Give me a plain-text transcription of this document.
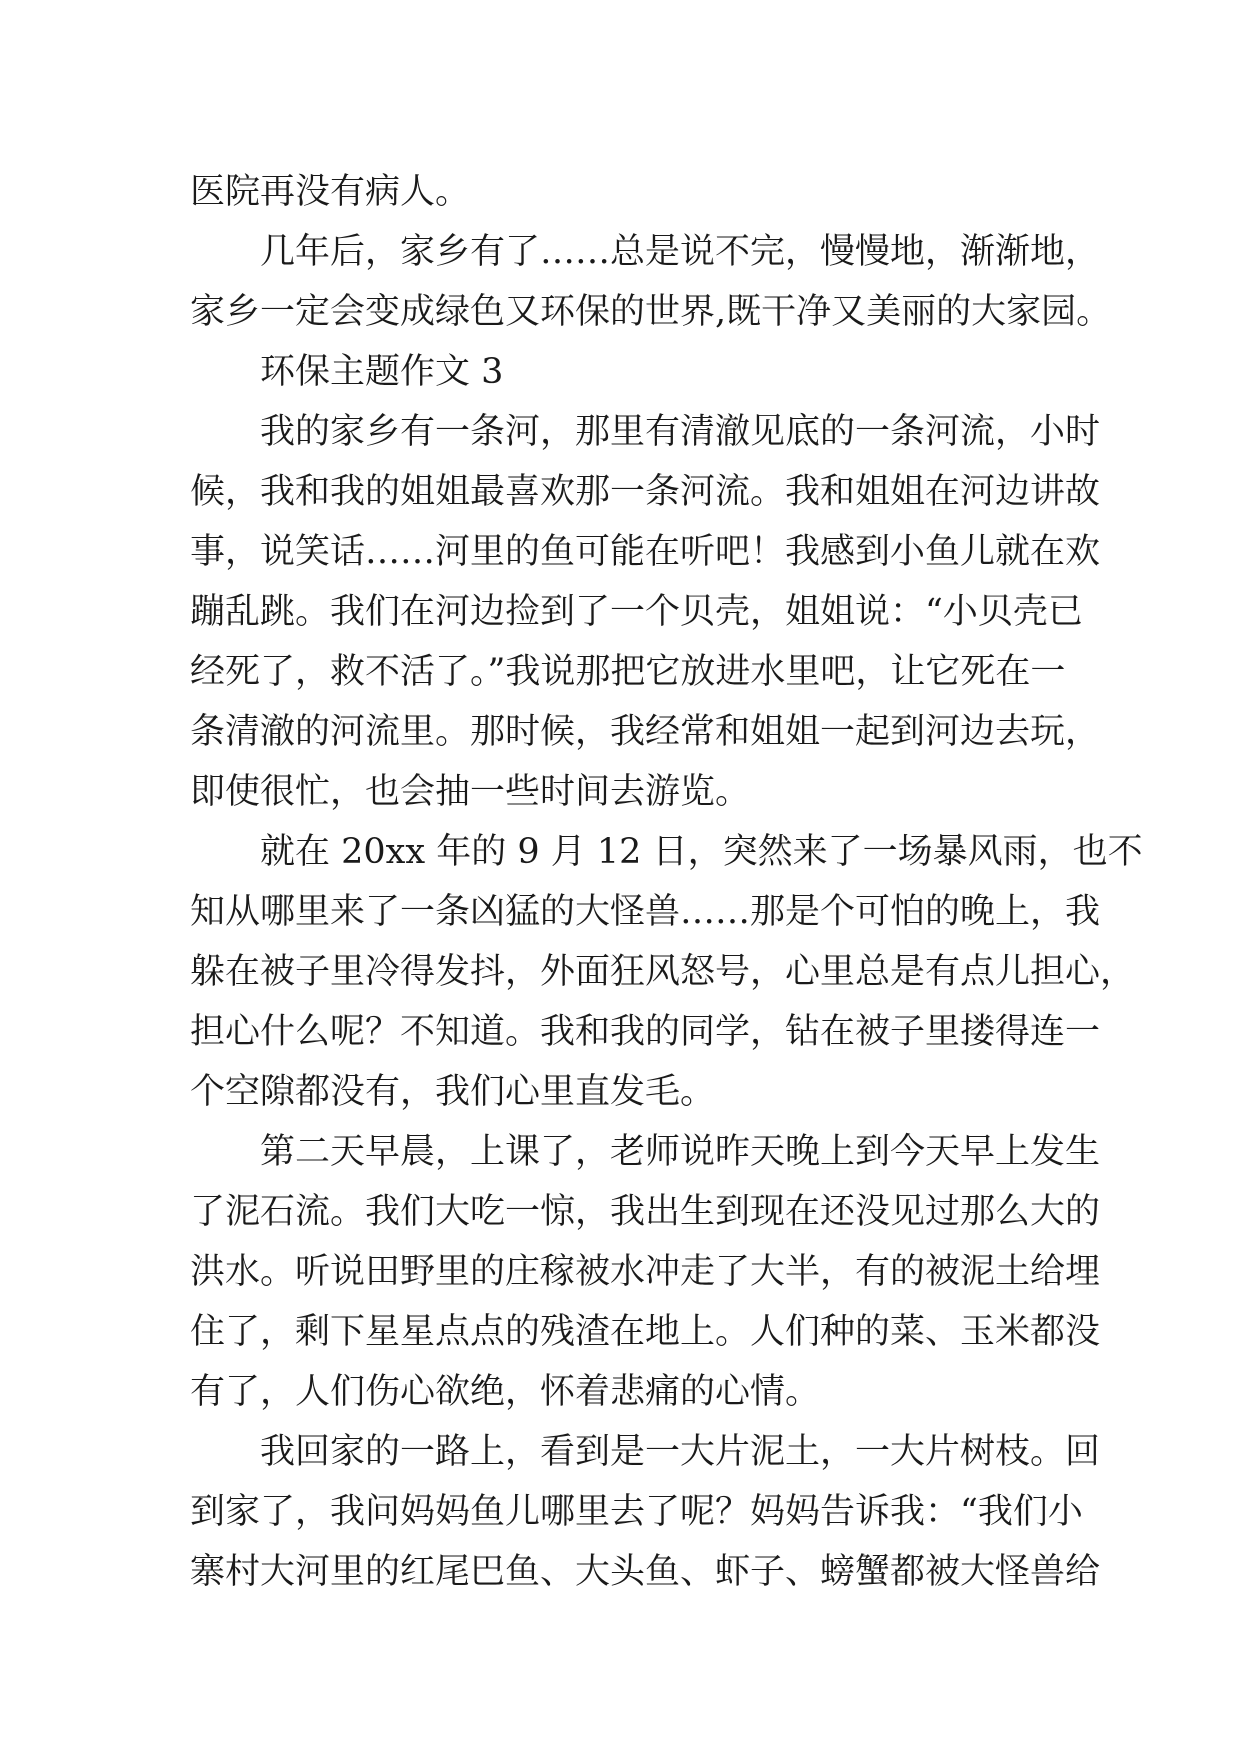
医院再没有病人。
几年后，家乡有了……总是说不完，慢慢地，渐渐地，
家乡一定会变成绿色又环保的世界,既干净又美丽的大家园。
环保主题作文 3
我的家乡有一条河，那里有清澈见底的一条河流，小时
候，我和我的姐姐最喜欢那一条河流。我和姐姐在河边讲故
事，说笑话……河里的鱼可能在听吧！我感到小鱼儿就在欢
蹦乱跳。我们在河边捡到了一个贝壳，姐姐说：“小贝壳已
经死了，救不活了。”我说那把它放进水里吧，让它死在一
条清澈的河流里。那时候，我经常和姐姐一起到河边去玩，
即使很忙，也会抽一些时间去游览。
就在 20xx 年的 9 月 12 日，突然来了一场暴风雨，也不
知从哪里来了一条凶猛的大怪兽……那是个可怕的晚上，我
躲在被子里冷得发抖，外面狂风怒号，心里总是有点儿担心，
担心什么呢？不知道。我和我的同学，钻在被子里搂得连一
个空隙都没有，我们心里直发毛。
第二天早晨，上课了，老师说昨天晚上到今天早上发生
了泥石流。我们大吃一惊，我出生到现在还没见过那么大的
洪水。听说田野里的庄稼被水冲走了大半，有的被泥土给埋
住了，剩下星星点点的残渣在地上。人们种的菜、玉米都没
有了，人们伤心欲绝，怀着悲痛的心情。
我回家的一路上，看到是一大片泥土，一大片树枝。回
到家了，我问妈妈鱼儿哪里去了呢？妈妈告诉我：“我们小
寨村大河里的红尾巴鱼、大头鱼、虾子、螃蟹都被大怪兽给
